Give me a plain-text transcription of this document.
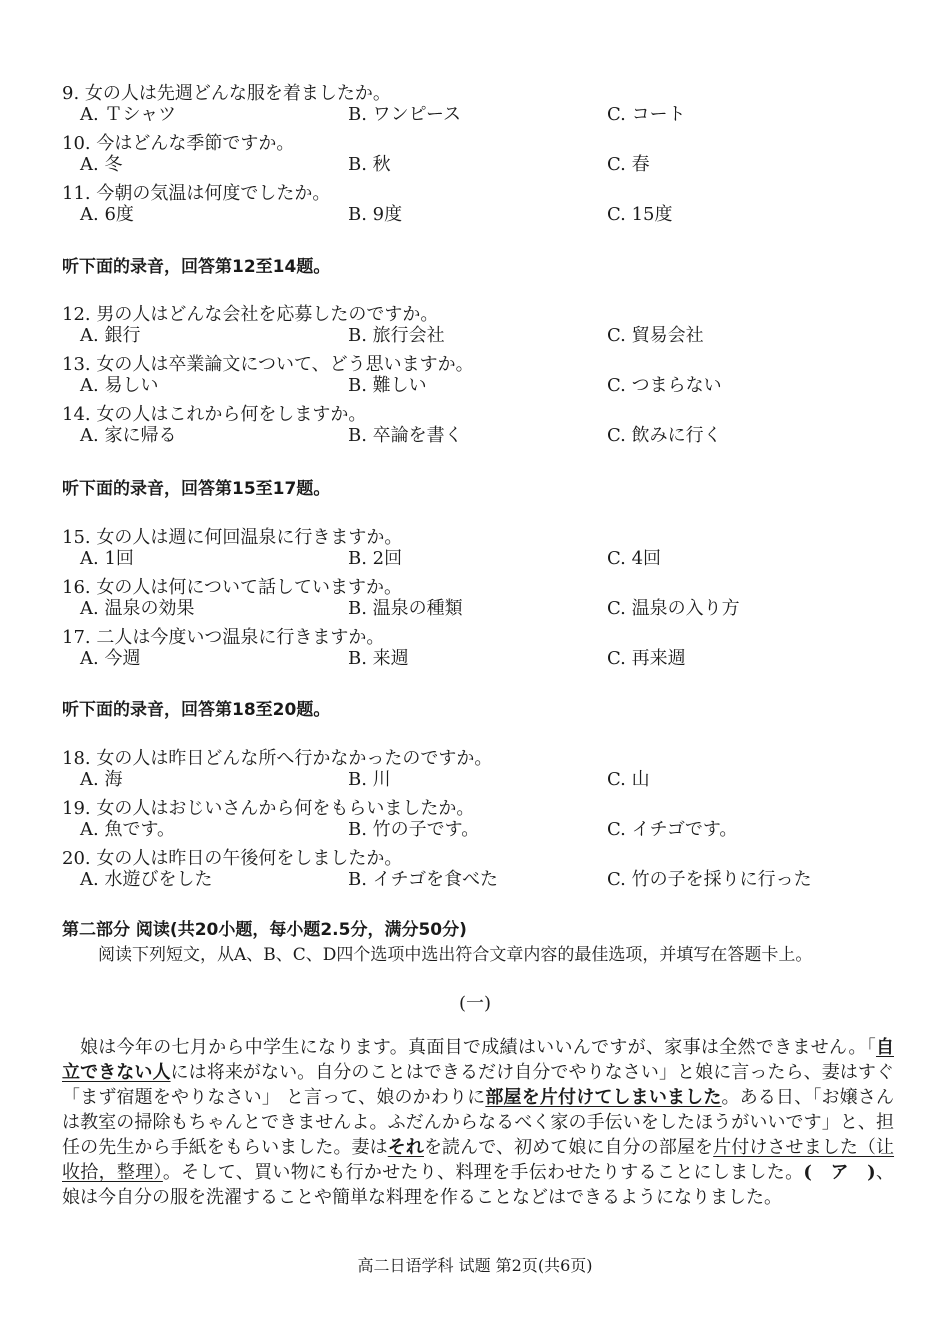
9. 女の人は先週どんな服を着ましたか。
A. Ｔシャツ	B. ワンピース	C. コート
10. 今はどんな季節ですか。
A. 冬	B. 秋	C. 春
11. 今朝の気温は何度でしたか。
A. 6度	B. 9度	C. 15度
听下面的录音，回答第12至14题。
12. 男の人はどんな会社を応募したのですか。
A. 銀行	B. 旅行会社	C. 貿易会社
13. 女の人は卒業論文について、どう思いますか。
A. 易しい	B. 難しい	C. つまらない
14. 女の人はこれから何をしますか。
A. 家に帰る	B. 卒論を書く	C. 飲みに行く
听下面的录音，回答第15至17题。
15. 女の人は週に何回温泉に行きますか。
A. 1回	B. 2回	C. 4回
16. 女の人は何について話していますか。
A. 温泉の効果	B. 温泉の種類	C. 温泉の入り方
17. 二人は今度いつ温泉に行きますか。
A. 今週	B. 来週	C. 再来週
听下面的录音，回答第18至20题。
18. 女の人は昨日どんな所へ行かなかったのですか。
A. 海	B. 川	C. 山
19. 女の人はおじいさんから何をもらいましたか。
A. 魚です。	B. 竹の子です。	C. イチゴです。
20. 女の人は昨日の午後何をしましたか。
A. 水遊びをした	B. イチゴを食べた	C. 竹の子を採りに行った
第二部分 阅读(共20小题，每小题2.5分，满分50分)
阅读下列短文，从A、B、C、D四个选项中选出符合文章内容的最佳选项，并填写在答题卡上。
(一)

娘は今年の七月から中学生になります。真面目で成績はいいんですが、家事は全然できません。「自立できない人には将来がない。自分のことはできるだけ自分でやりなさい」と娘に言ったら、妻はすぐ「まず宿題をやりなさい」 と言って、娘のかわりに部屋を片付けてしまいました。ある日、「お嬢さんは教室の掃除もちゃんとできませんよ。ふだんからなるべく家の手伝いをしたほうがいいです」と、担任の先生から手紙をもらいました。妻はそれを読んで、初めて娘に自分の部屋を片付けさせました（让收拾，整理）。そして、買い物にも行かせたり、料理を手伝わせたりすることにしました。(　ア　)、娘は今自分の服を洗濯することや簡単な料理を作ることなどはできるようになりました。

高二日语学科 试题 第2页(共6页)
